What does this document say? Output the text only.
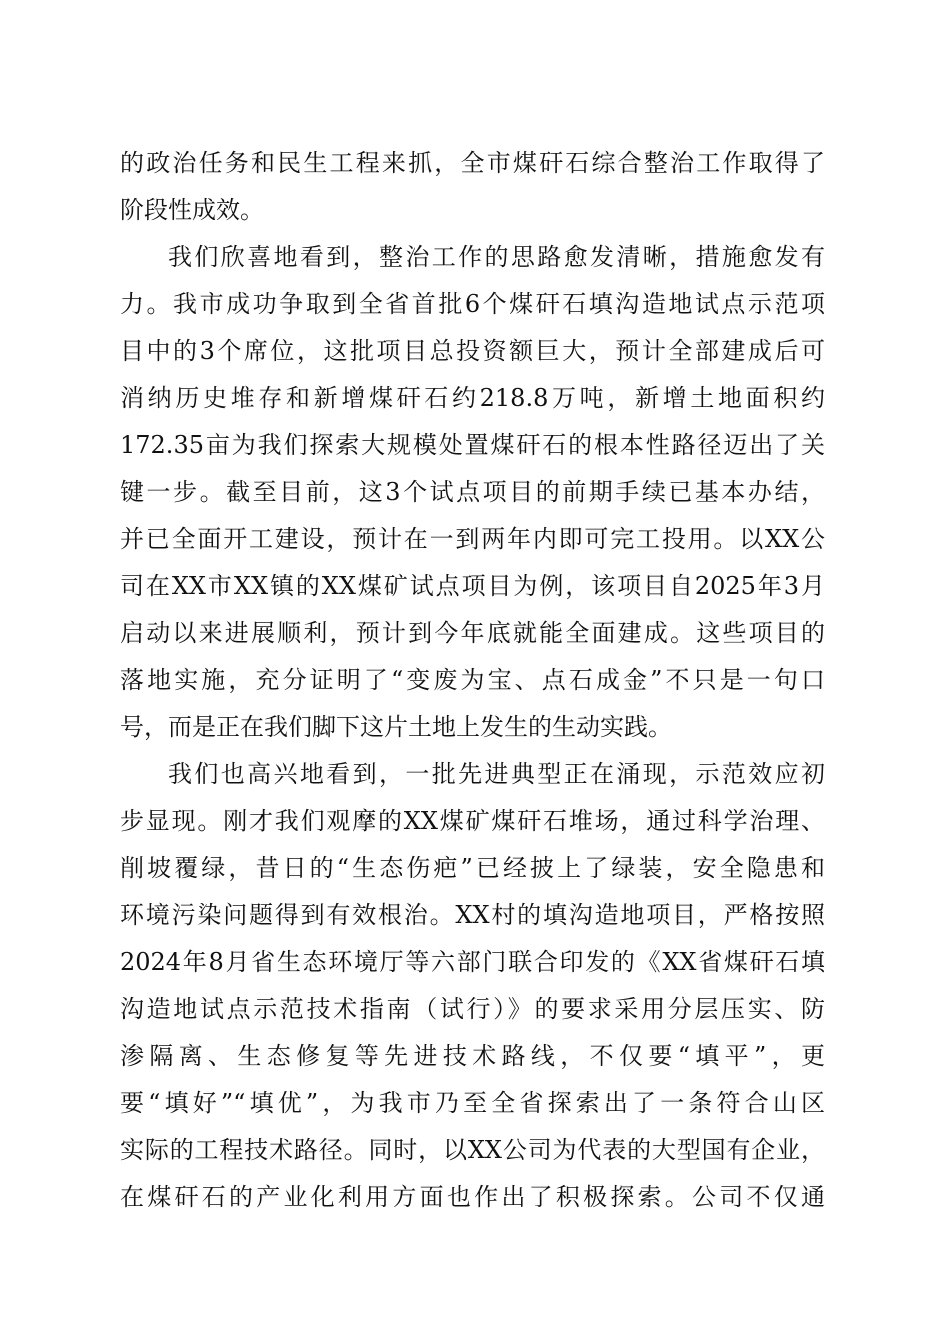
的政治任务和民生工程来抓，全市煤矸石综合整治工作取得了
阶段性成效。
我们欣喜地看到，整治工作的思路愈发清晰，措施愈发有
力。我市成功争取到全省首批6个煤矸石填沟造地试点示范项
目中的3个席位，这批项目总投资额巨大，预计全部建成后可
消纳历史堆存和新增煤矸石约218.8万吨，新增土地面积约
172.35亩为我们探索大规模处置煤矸石的根本性路径迈出了关
键一步。截至目前，这3个试点项目的前期手续已基本办结，
并已全面开工建设，预计在一到两年内即可完工投用。以XX公
司在XX市XX镇的XX煤矿试点项目为例，该项目自2025年3月
启动以来进展顺利，预计到今年底就能全面建成。这些项目的
落地实施，充分证明了“变废为宝、点石成金”不只是一句口
号，而是正在我们脚下这片土地上发生的生动实践。
我们也高兴地看到，一批先进典型正在涌现，示范效应初
步显现。刚才我们观摩的XX煤矿煤矸石堆场，通过科学治理、
削坡覆绿，昔日的“生态伤疤”已经披上了绿装，安全隐患和
环境污染问题得到有效根治。XX村的填沟造地项目，严格按照
2024年8月省生态环境厅等六部门联合印发的《XX省煤矸石填
沟造地试点示范技术指南（试行）》的要求采用分层压实、防
渗隔离、生态修复等先进技术路线，不仅要“填平”，更
要“填好”“填优”，为我市乃至全省探索出了一条符合山区
实际的工程技术路径。同时，以XX公司为代表的大型国有企业，
在煤矸石的产业化利用方面也作出了积极探索。公司不仅通
